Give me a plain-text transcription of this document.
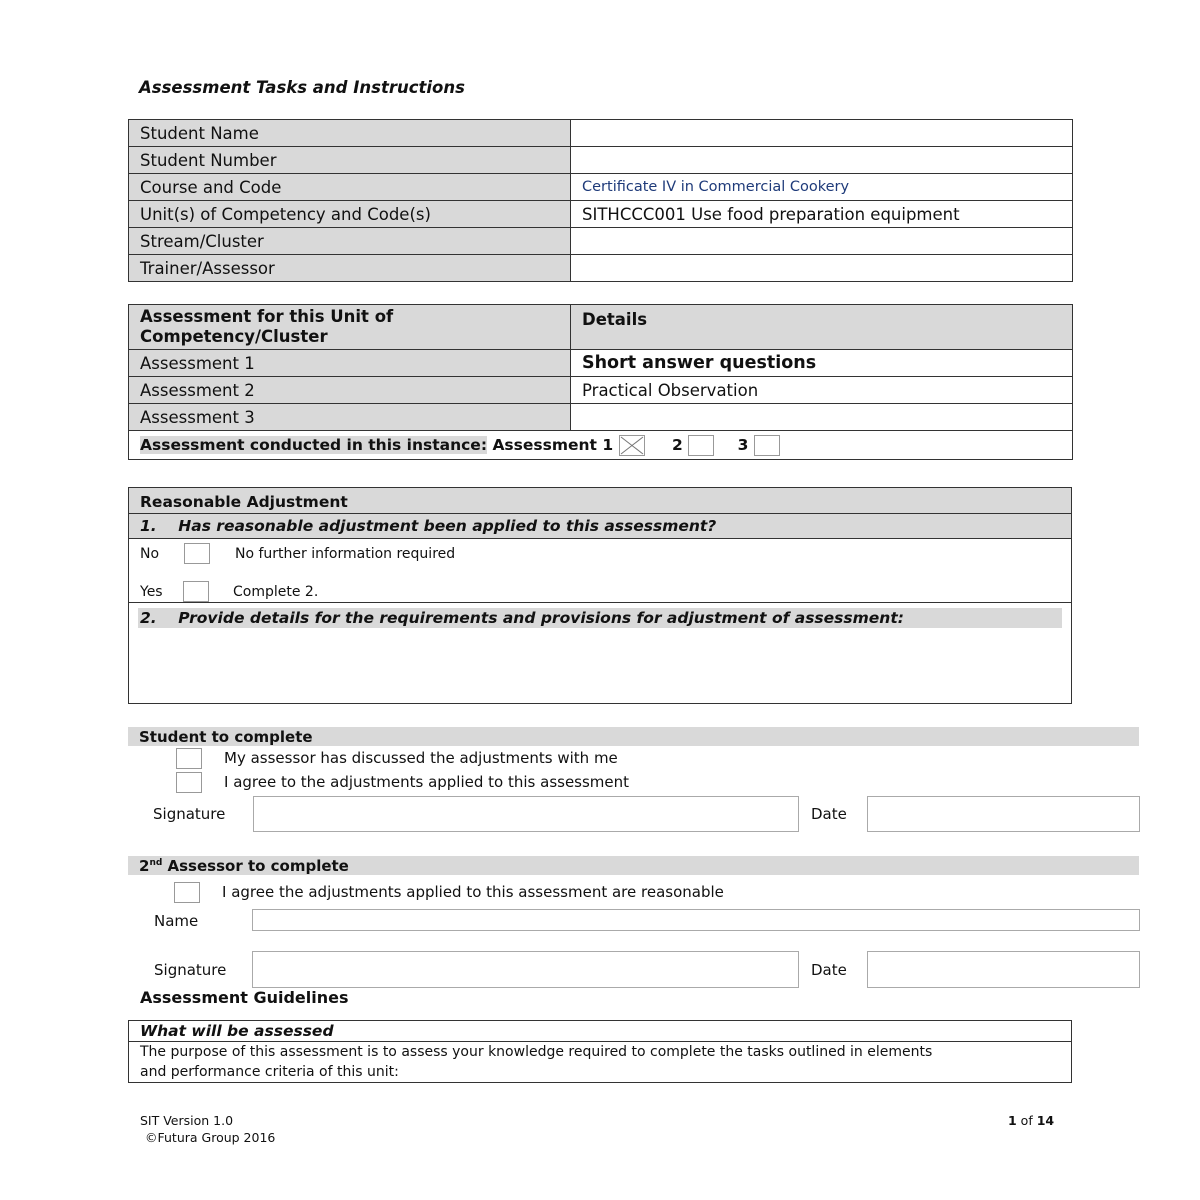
Assessment Tasks and Instructions
Student Name	
Student Number	
Course and Code	Certificate IV in Commercial Cookery
Unit(s) of Competency and Code(s)	SITHCCC001 Use food preparation equipment
Stream/Cluster	
Trainer/Assessor	
Assessment for this Unit of Competency/Cluster	Details
Assessment 1	Short answer questions
Assessment 2	Practical Observation
Assessment 3	
Assessment conducted in this instance: Assessment 1 2 3	
Reasonable Adjustment
1.    Has reasonable adjustment been applied to this assessment?
No	No further information required
Yes	Complete 2.
2.    Provide details for the requirements and provisions for adjustment of assessment:
Student to complete
My assessor has discussed the adjustments with me
I agree to the adjustments applied to this assessment
Signature	Date
2nd Assessor to complete
I agree the adjustments applied to this assessment are reasonable
Name
Signature	Date
Assessment Guidelines
What will be assessed
The purpose of this assessment is to assess your knowledge required to complete the tasks outlined in elements
and performance criteria of this unit:
SIT Version 1.0
©Futura Group 2016
1 of 14
